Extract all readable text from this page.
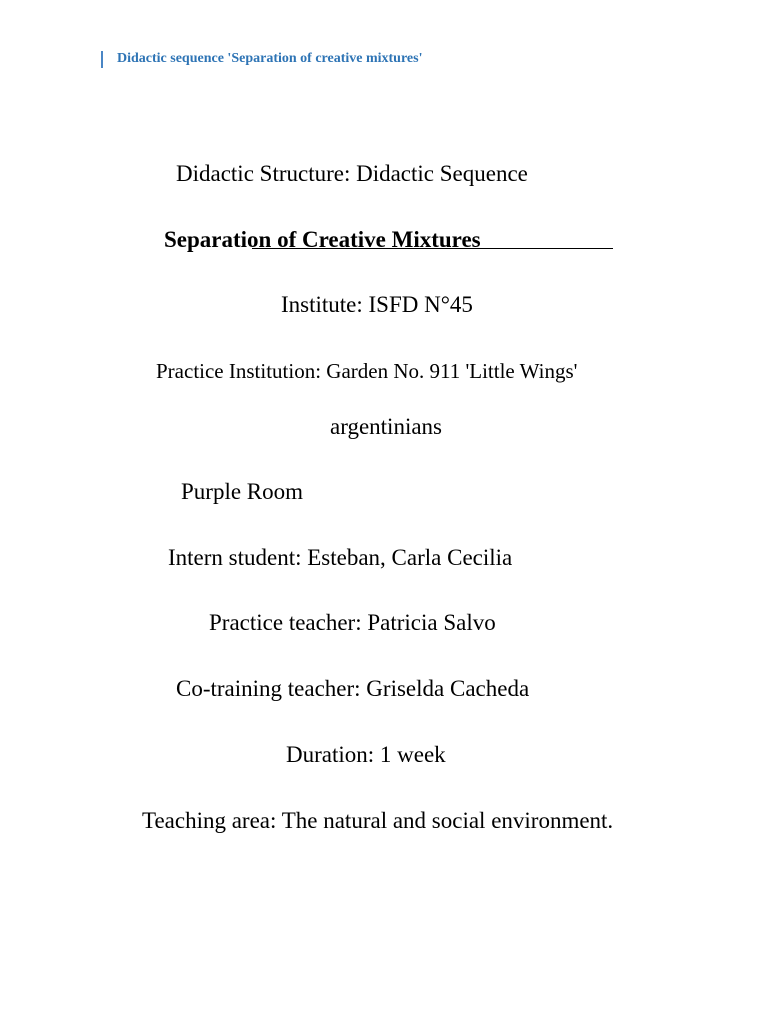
Didactic sequence 'Separation of creative mixtures'
Didactic Structure: Didactic Sequence
Separation of Creative Mixtures
Institute: ISFD N°45
Practice Institution: Garden No. 911 'Little Wings'
argentinians
Purple Room
Intern student: Esteban, Carla Cecilia
Practice teacher: Patricia Salvo
Co-training teacher: Griselda Cacheda
Duration: 1 week
Teaching area: The natural and social environment.
